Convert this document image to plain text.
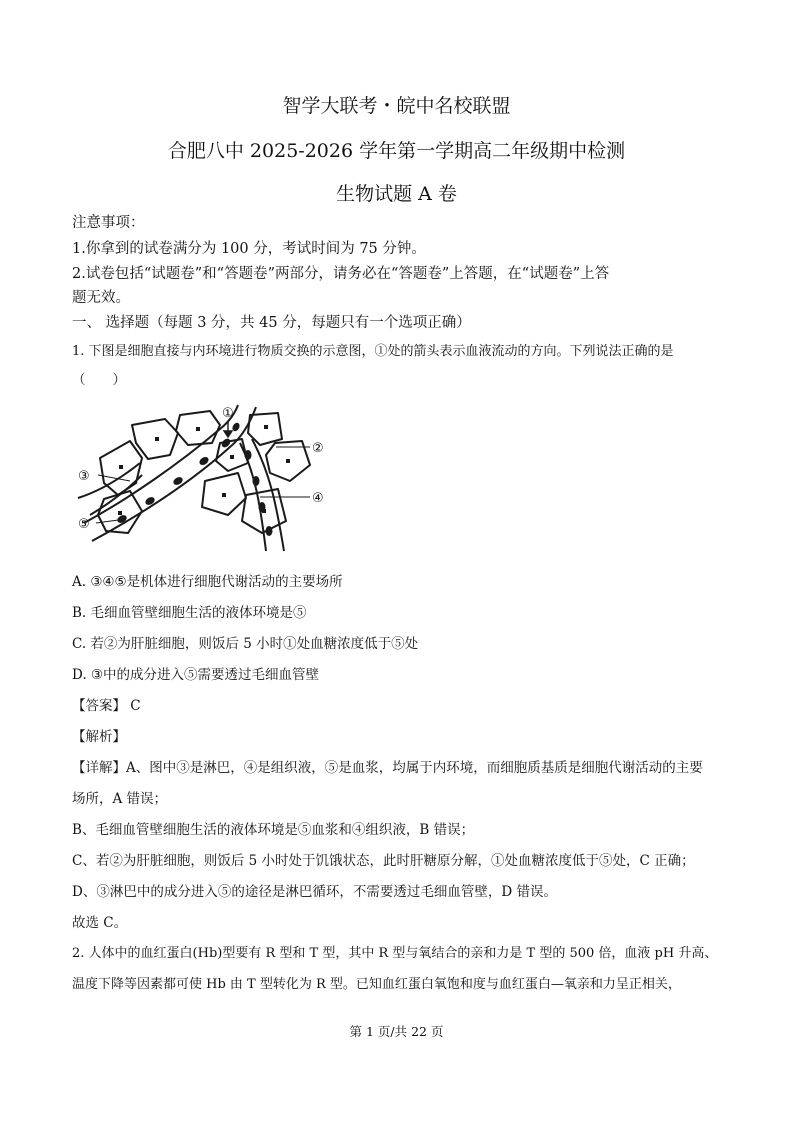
智学大联考・皖中名校联盟
合肥八中 2025-2026 学年第一学期高二年级期中检测
生物试题 A 卷
注意事项：
1.你拿到的试卷满分为 100 分，考试时间为 75 分钟。
2.试卷包括“试题卷”和“答题卷”两部分，请务必在“答题卷”上答题，在“试题卷”上答
题无效。
一、 选择题（每题 3 分，共 45 分，每题只有一个选项正确）
1. 下图是细胞直接与内环境进行物质交换的示意图，①处的箭头表示血液流动的方向。下列说法正确的是
（　　）
①
②
③
④
⑤
A. ③④⑤是机体进行细胞代谢活动的主要场所
B. 毛细血管壁细胞生活的液体环境是⑤
C. 若②为肝脏细胞，则饭后 5 小时①处血糖浓度低于⑤处
D. ③中的成分进入⑤需要透过毛细血管壁
【答案】 C
【解析】
【详解】A、图中③是淋巴，④是组织液，⑤是血浆，均属于内环境，而细胞质基质是细胞代谢活动的主要
场所，A 错误；
B、毛细血管壁细胞生活的液体环境是⑤血浆和④组织液，B 错误；
C、若②为肝脏细胞，则饭后 5 小时处于饥饿状态，此时肝糖原分解，①处血糖浓度低于⑤处，C 正确；
D、③淋巴中的成分进入⑤的途径是淋巴循环，不需要透过毛细血管壁，D 错误。
故选 C。
2. 人体中的血红蛋白(Hb)型要有 R 型和 T 型，其中 R 型与氧结合的亲和力是 T 型的 500 倍，血液 pH 升高、
温度下降等因素都可使 Hb 由 T 型转化为 R 型。已知血红蛋白氧饱和度与血红蛋白—氧亲和力呈正相关，
第 1 页/共 22 页
